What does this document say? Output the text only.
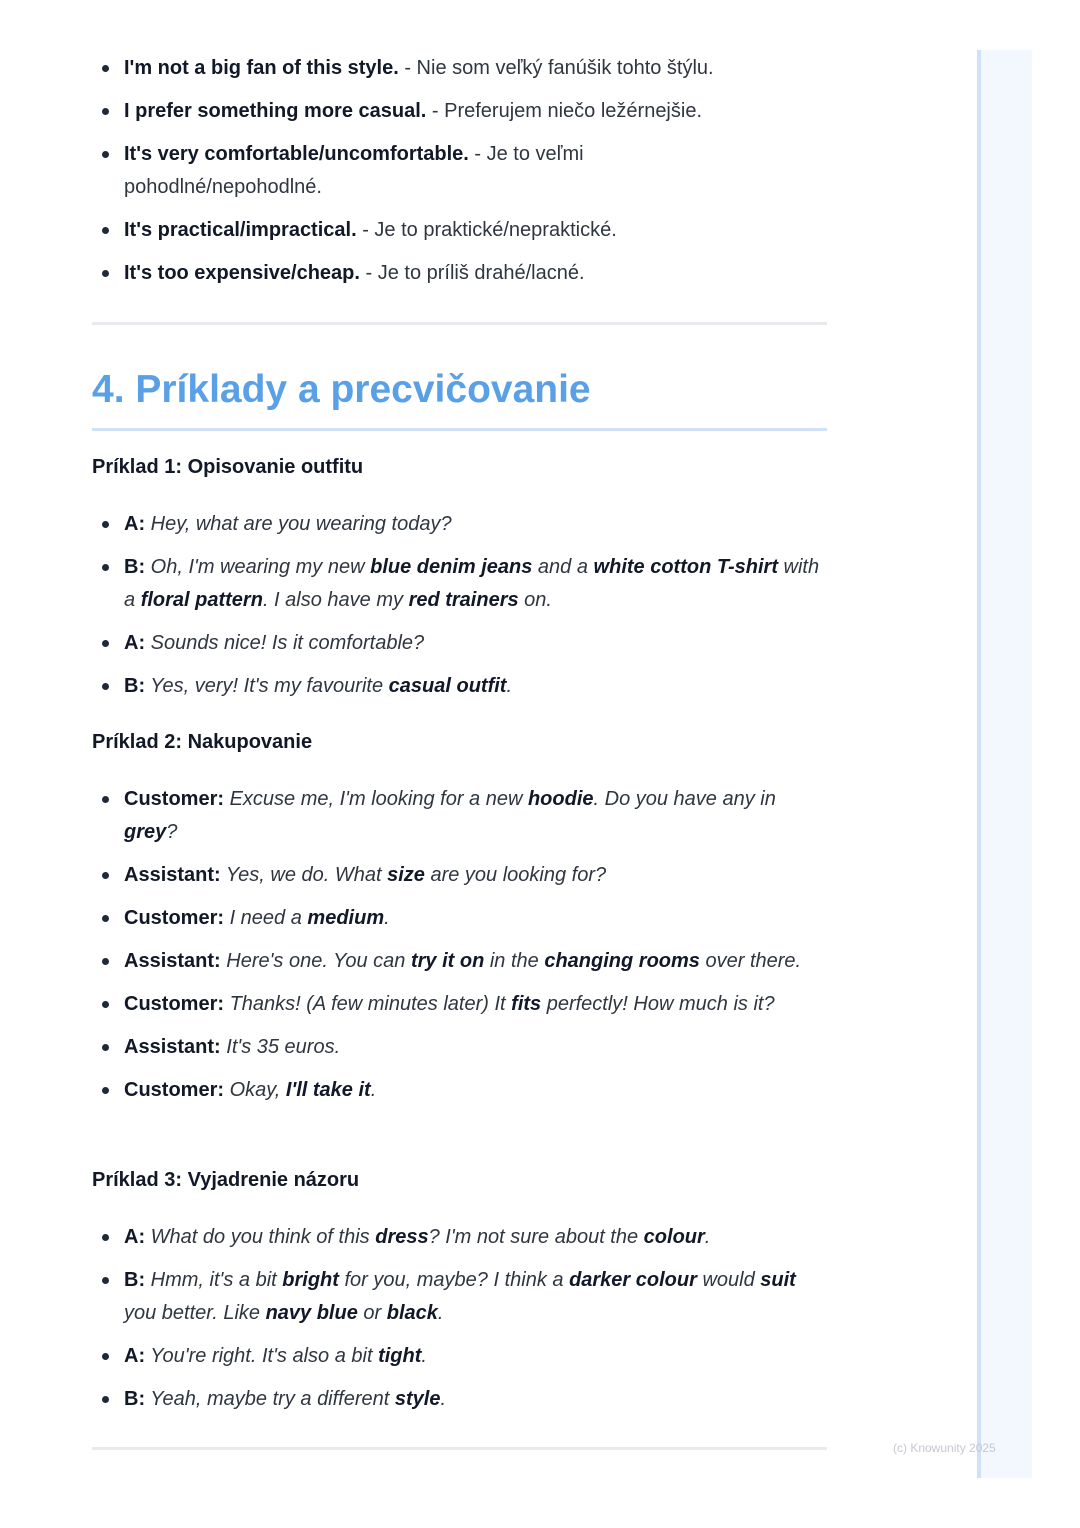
I'm not a big fan of this style. - Nie som veľký fanúšik tohto štýlu.
I prefer something more casual. - Preferujem niečo ležérnejšie.
It's very comfortable/uncomfortable. - Je to veľmi pohodlné/nepohodlné.
It's practical/impractical. - Je to praktické/nepraktické.
It's too expensive/cheap. - Je to príliš drahé/lacné.
4. Príklady a precvičovanie
Príklad 1: Opisovanie outfitu
A: Hey, what are you wearing today?
B: Oh, I'm wearing my new blue denim jeans and a white cotton T-shirt with a floral pattern. I also have my red trainers on.
A: Sounds nice! Is it comfortable?
B: Yes, very! It's my favourite casual outfit.
Príklad 2: Nakupovanie
Customer: Excuse me, I'm looking for a new hoodie. Do you have any in grey?
Assistant: Yes, we do. What size are you looking for?
Customer: I need a medium.
Assistant: Here's one. You can try it on in the changing rooms over there.
Customer: Thanks! (A few minutes later) It fits perfectly! How much is it?
Assistant: It's 35 euros.
Customer: Okay, I'll take it.
Príklad 3: Vyjadrenie názoru
A: What do you think of this dress? I'm not sure about the colour.
B: Hmm, it's a bit bright for you, maybe? I think a darker colour would suit you better. Like navy blue or black.
A: You're right. It's also a bit tight.
B: Yeah, maybe try a different style.
(c) Knowunity 2025
